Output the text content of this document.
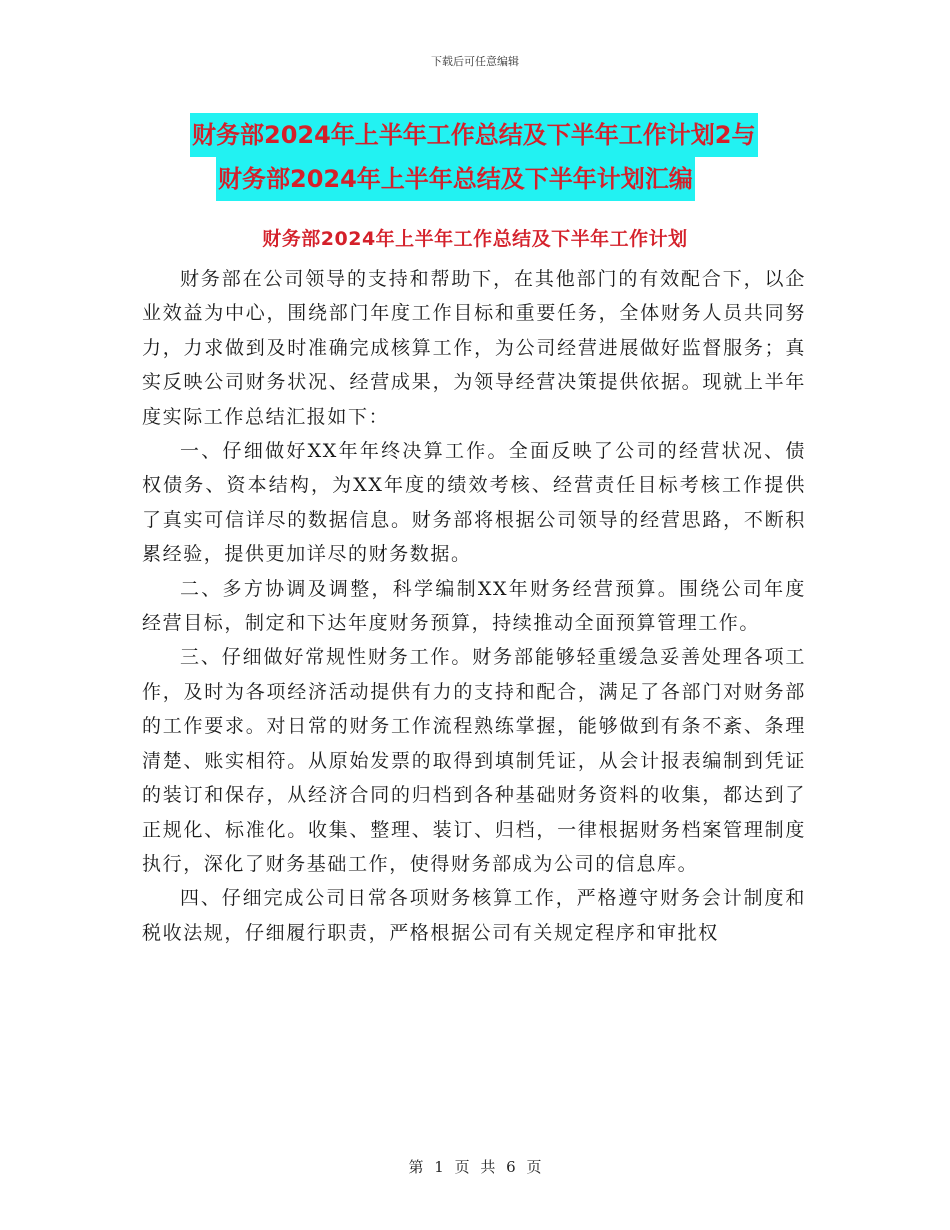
下载后可任意编辑
财务部2024年上半年工作总结及下半年工作计划2与
财务部2024年上半年总结及下半年计划汇编
财务部2024年上半年工作总结及下半年工作计划

财务部在公司领导的支持和帮助下，在其他部门的有效配合下，以企业效益为中心，围绕部门年度工作目标和重要任务，全体财务人员共同努力，力求做到及时准确完成核算工作，为公司经营进展做好监督服务；真实反映公司财务状况、经营成果，为领导经营决策提供依据。现就上半年度实际工作总结汇报如下：

一、仔细做好XX年年终决算工作。全面反映了公司的经营状况、债权债务、资本结构，为XX年度的绩效考核、经营责任目标考核工作提供了真实可信详尽的数据信息。财务部将根据公司领导的经营思路，不断积累经验，提供更加详尽的财务数据。

二、多方协调及调整，科学编制XX年财务经营预算。围绕公司年度经营目标，制定和下达年度财务预算，持续推动全面预算管理工作。

三、仔细做好常规性财务工作。财务部能够轻重缓急妥善处理各项工作，及时为各项经济活动提供有力的支持和配合，满足了各部门对财务部的工作要求。对日常的财务工作流程熟练掌握，能够做到有条不紊、条理清楚、账实相符。从原始发票的取得到填制凭证，从会计报表编制到凭证的装订和保存，从经济合同的归档到各种基础财务资料的收集，都达到了正规化、标准化。收集、整理、装订、归档，一律根据财务档案管理制度执行，深化了财务基础工作，使得财务部成为公司的信息库。

四、仔细完成公司日常各项财务核算工作，严格遵守财务会计制度和税收法规，仔细履行职责，严格根据公司有关规定程序和审批权

第 1 页 共 6 页
